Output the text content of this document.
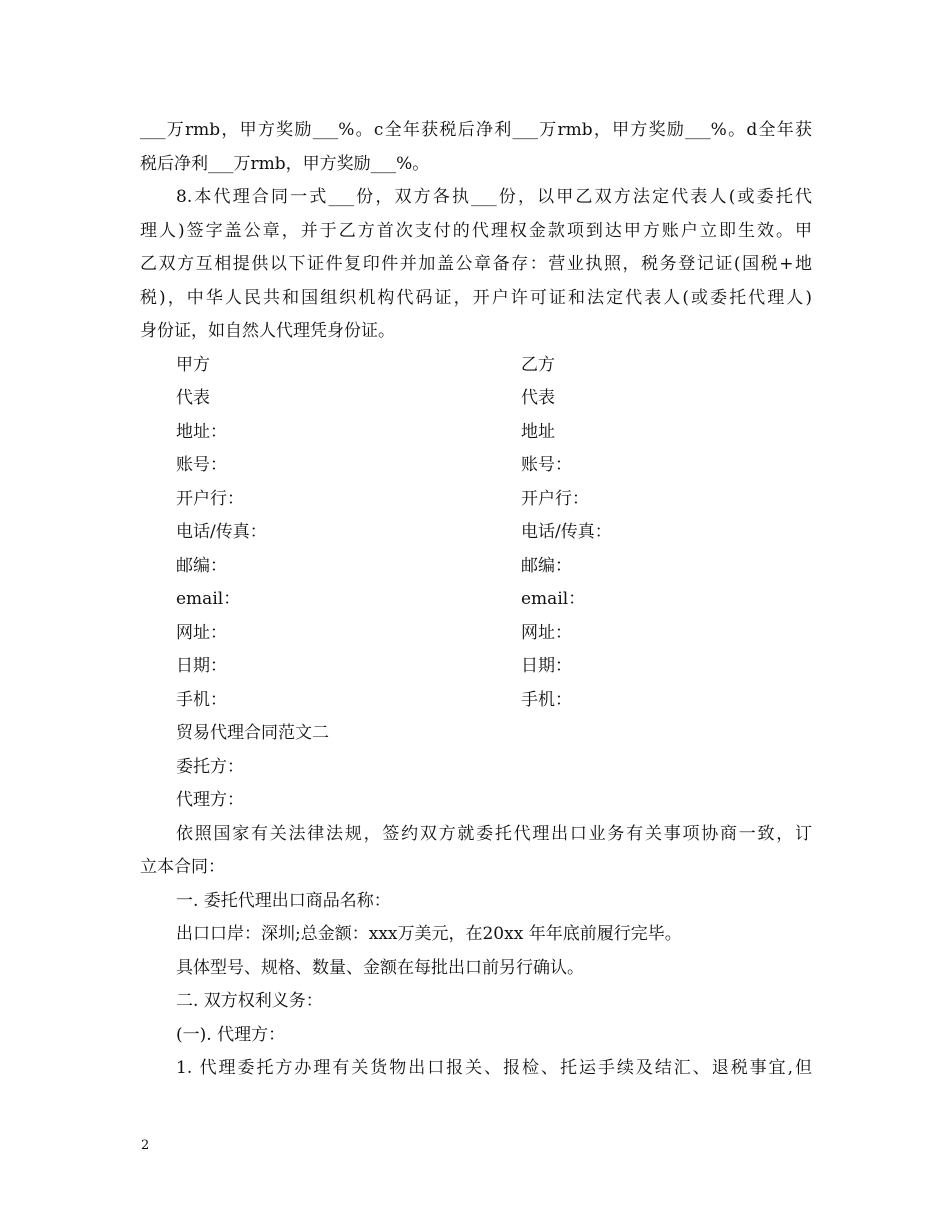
___万rmb，甲方奖励___%。c全年获税后净利___万rmb，甲方奖励___%。d全年获
税后净利___万rmb，甲方奖励___%。
8.本代理合同一式___份，双方各执___份，以甲乙双方法定代表人(或委托代
理人)签字盖公章，并于乙方首次支付的代理权金款项到达甲方账户立即生效。甲
乙双方互相提供以下证件复印件并加盖公章备存：营业执照，税务登记证(国税+地
税)，中华人民共和国组织机构代码证，开户许可证和法定代表人(或委托代理人)
身份证，如自然人代理凭身份证。
甲方
代表
地址：
账号：
开户行：
电话/传真：
邮编：
email：
网址：
日期：
手机：
乙方
代表
地址
账号：
开户行：
电话/传真：
邮编：
email：
网址：
日期：
手机：
贸易代理合同范文二
委托方：
代理方：
依照国家有关法律法规，签约双方就委托代理出口业务有关事项协商一致，订
立本合同：
一. 委托代理出口商品名称：
出口口岸：深圳;总金额：xxx万美元，在20xx 年年底前履行完毕。
具体型号、规格、数量、金额在每批出口前另行确认。
二. 双方权利义务：
(一). 代理方：
1. 代理委托方办理有关货物出口报关、报检、托运手续及结汇、退税事宜,但
2
